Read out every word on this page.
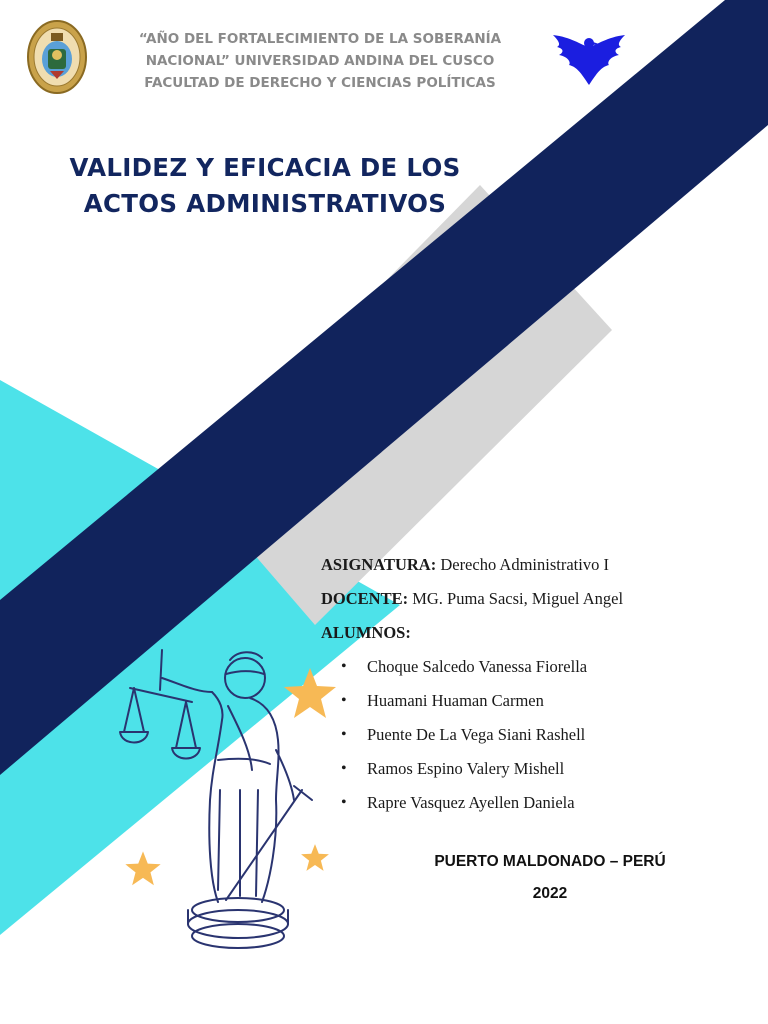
“AÑO DEL FORTALECIMIENTO DE LA SOBERANÍA
NACIONAL” UNIVERSIDAD ANDINA DEL CUSCO
FACULTAD DE DERECHO Y CIENCIAS POLÍTICAS
VALIDEZ Y EFICACIA DE LOS
ACTOS ADMINISTRATIVOS
ASIGNATURA: Derecho Administrativo I
DOCENTE: MG. Puma Sacsi, Miguel Angel
ALUMNOS:
• Choque Salcedo Vanessa Fiorella
• Huamani Huaman Carmen
• Puente De La Vega Siani Rashell
• Ramos Espino Valery Mishell
• Rapre Vasquez Ayellen Daniela
PUERTO MALDONADO – PERÚ
2022
